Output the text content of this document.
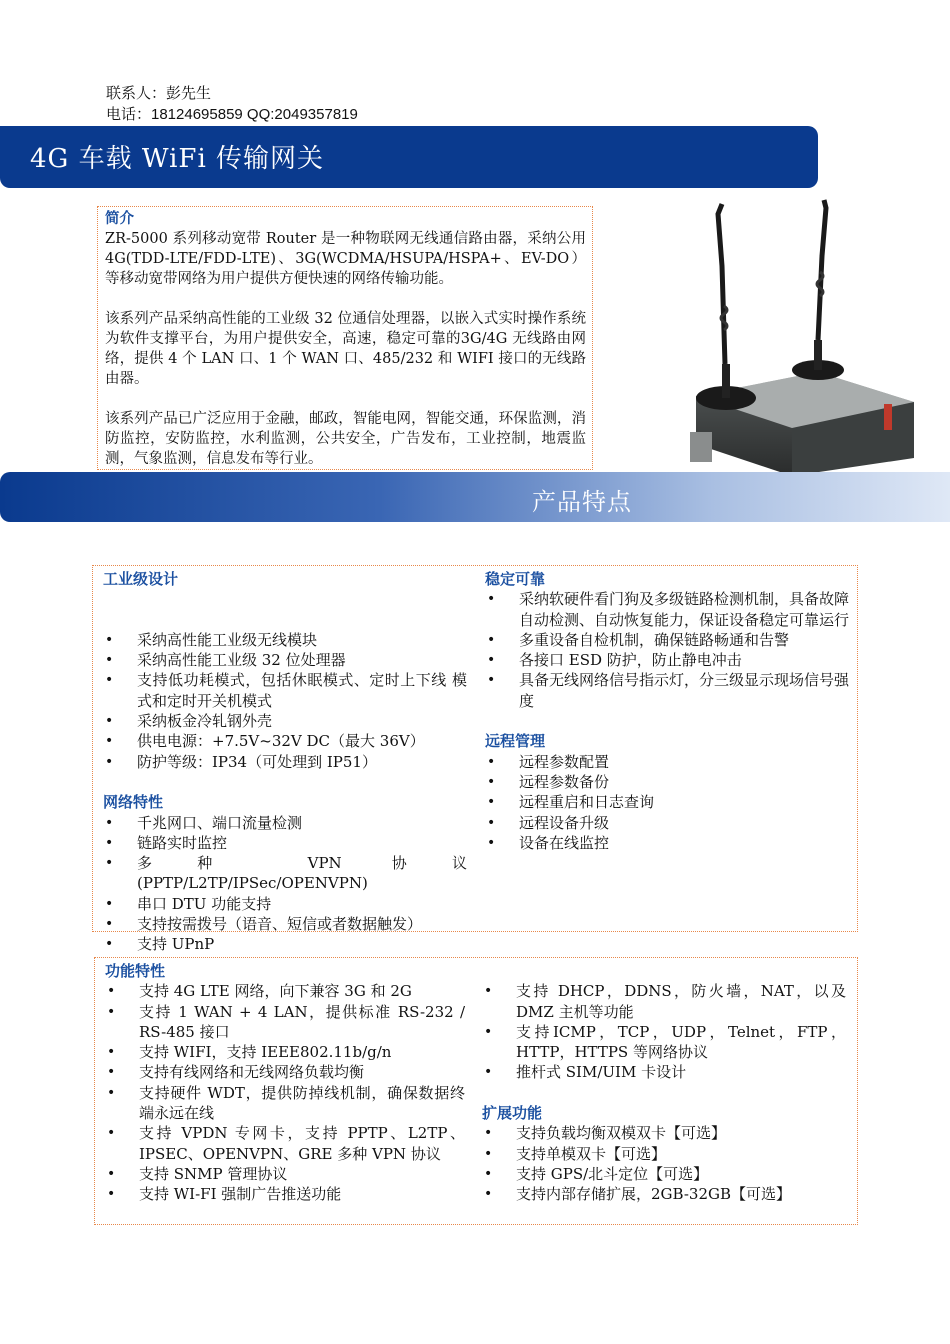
联系人：彭先生
电话：18124695859 QQ:2049357819
4G 车载 WiFi 传输网关
简介

ZR-5000 系列移动宽带 Router 是一种物联网无线通信路由器，采纳公用4G(TDD-LTE/FDD-LTE)、3G(WCDMA/HSUPA/HSPA+、EV-DO）等移动宽带网络为用户提供方便快速的网络传输功能。

该系列产品采纳高性能的工业级 32 位通信处理器，以嵌入式实时操作系统为软件支撑平台，为用户提供安全，高速，稳定可靠的3G/4G 无线路由网络，提供 4 个 LAN 口、1 个 WAN 口、485/232 和 WIFI 接口的无线路由器。

该系列产品已广泛应用于金融，邮政，智能电网，智能交通，环保监测，消防监控，安防监控，水利监测，公共安全，广告发布，工业控制，地震监测，气象监测，信息发布等行业。

产品特点
工业级设计
• 采纳高性能工业级无线模块
• 采纳高性能工业级 32 位处理器
• 支持低功耗模式，包括休眠模式、定时上下线 模式和定时开关机模式
• 采纳板金冷轧钢外壳
• 供电电源：+7.5V~32V DC（最大 36V）
• 防护等级：IP34（可处理到 IP51）
网络特性
• 千兆网口、端口流量检测
• 链路实时监控
• 多种 VPN 协议(PPTP/L2TP/IPSec/OPENVPN)
• 串口 DTU 功能支持
• 支持按需拨号（语音、短信或者数据触发）
• 支持 UPnP
稳定可靠
• 采纳软硬件看门狗及多级链路检测机制，具备故障自动检测、自动恢复能力，保证设备稳定可靠运行
• 多重设备自检机制，确保链路畅通和告警
• 各接口 ESD 防护，防止静电冲击
• 具备无线网络信号指示灯，分三级显示现场信号强度
远程管理
• 远程参数配置
• 远程参数备份
• 远程重启和日志查询
• 远程设备升级
• 设备在线监控
功能特性
• 支持 4G LTE 网络，向下兼容 3G 和 2G
• 支持 1 WAN + 4 LAN，提供标准 RS-232 / RS-485 接口
• 支持 WIFI，支持 IEEE802.11b/g/n
• 支持有线网络和无线网络负载均衡
• 支持硬件 WDT，提供防掉线机制，确保数据终端永远在线
• 支持 VPDN 专网卡，支持 PPTP、L2TP、IPSEC、OPENVPN、GRE 多种 VPN 协议
• 支持 SNMP 管理协议
• 支持 WI-FI 强制广告推送功能
• 支持 DHCP，DDNS，防火墙，NAT，以及 DMZ 主机等功能
• 支持ICMP，TCP，UDP，Telnet，FTP，HTTP，HTTPS 等网络协议
• 推杆式 SIM/UIM 卡设计
扩展功能
• 支持负载均衡双模双卡【可选】
• 支持单模双卡【可选】
• 支持 GPS/北斗定位【可选】
• 支持内部存储扩展，2GB-32GB【可选】
